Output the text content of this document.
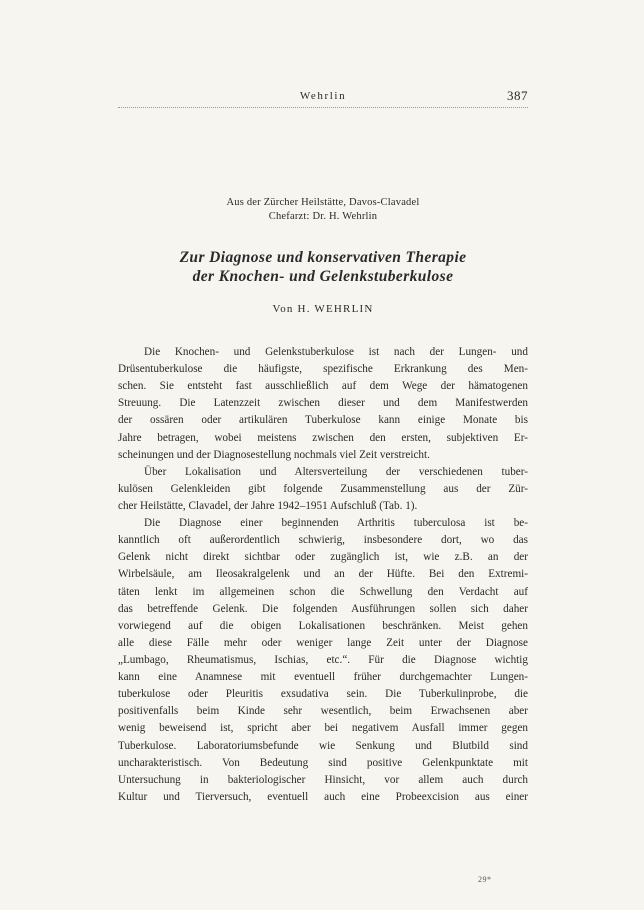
Wehrlin	387
Aus der Zürcher Heilstätte, Davos-Clavadel
Chefarzt: Dr. H. Wehrlin
Zur Diagnose und konservativen Therapie
der Knochen- und Gelenkstuberkulose
Von H. WEHRLIN
Die Knochen- und Gelenkstuberkulose ist nach der Lungen- und
Drüsentuberkulose die häufigste, spezifische Erkrankung des Men-
schen. Sie entsteht fast ausschließlich auf dem Wege der hämatogenen
Streuung. Die Latenzzeit zwischen dieser und dem Manifestwerden
der ossären oder artikulären Tuberkulose kann einige Monate bis
Jahre betragen, wobei meistens zwischen den ersten, subjektiven Er-
scheinungen und der Diagnosestellung nochmals viel Zeit verstreicht.
Über Lokalisation und Altersverteilung der verschiedenen tuber-
kulösen Gelenkleiden gibt folgende Zusammenstellung aus der Zür-
cher Heilstätte, Clavadel, der Jahre 1942–1951 Aufschluß (Tab. 1).
Die Diagnose einer beginnenden Arthritis tuberculosa ist be-
kanntlich oft außerordentlich schwierig, insbesondere dort, wo das
Gelenk nicht direkt sichtbar oder zugänglich ist, wie z.B. an der
Wirbelsäule, am Ileosakralgelenk und an der Hüfte. Bei den Extremi-
täten lenkt im allgemeinen schon die Schwellung den Verdacht auf
das betreffende Gelenk. Die folgenden Ausführungen sollen sich daher
vorwiegend auf die obigen Lokalisationen beschränken. Meist gehen
alle diese Fälle mehr oder weniger lange Zeit unter der Diagnose
„Lumbago, Rheumatismus, Ischias, etc.“. Für die Diagnose wichtig
kann eine Anamnese mit eventuell früher durchgemachter Lungen-
tuberkulose oder Pleuritis exsudativa sein. Die Tuberkulinprobe, die
positivenfalls beim Kinde sehr wesentlich, beim Erwachsenen aber
wenig beweisend ist, spricht aber bei negativem Ausfall immer gegen
Tuberkulose. Laboratoriumsbefunde wie Senkung und Blutbild sind
uncharakteristisch. Von Bedeutung sind positive Gelenkpunktate mit
Untersuchung in bakteriologischer Hinsicht, vor allem auch durch
Kultur und Tierversuch, eventuell auch eine Probeexcision aus einer
29*
